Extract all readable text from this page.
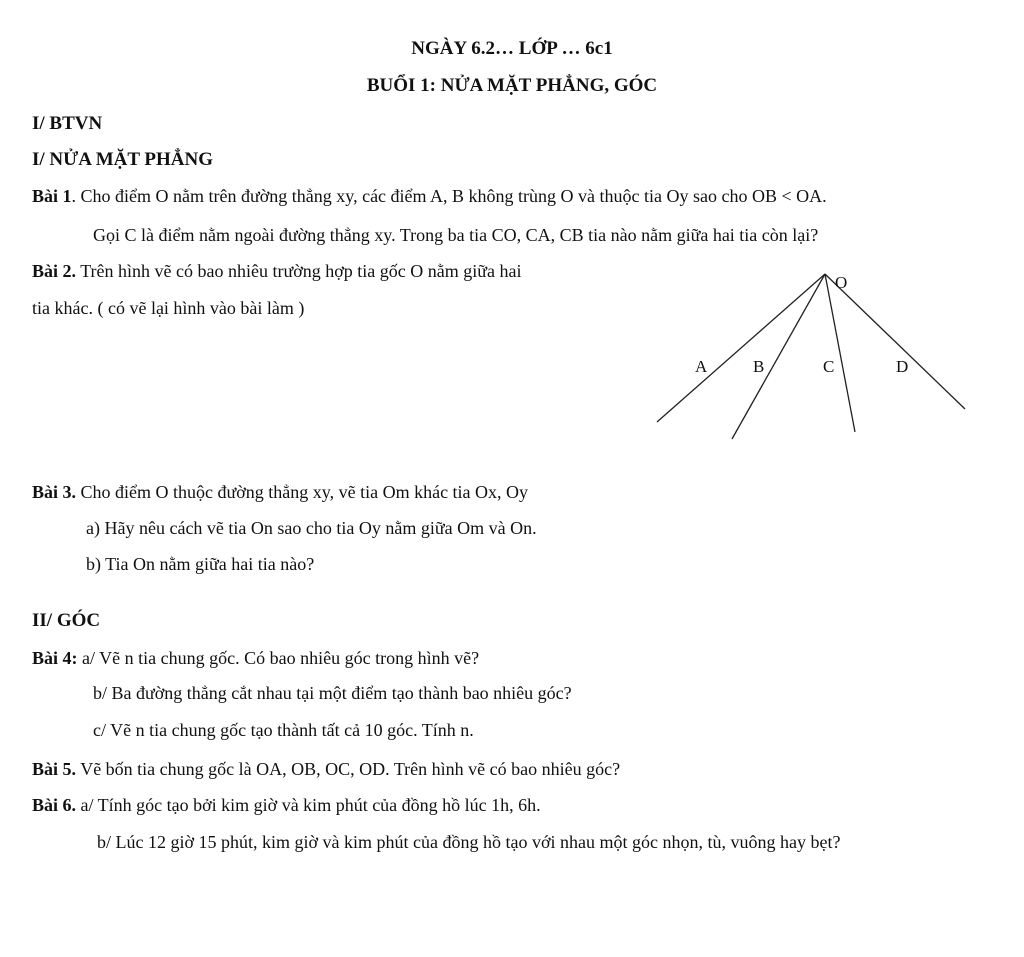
NGÀY 6.2… LỚP … 6c1
BUỔI 1: NỬA MẶT PHẲNG, GÓC
I/ BTVN
I/ NỬA MẶT PHẲNG
Bài 1. Cho điểm O nằm trên đường thẳng xy, các điểm A, B không trùng O và thuộc tia Oy sao cho OB < OA.
Gọi C là điểm nằm ngoài đường thẳng xy. Trong ba tia CO, CA, CB tia nào nằm giữa hai tia còn lại?
Bài 2. Trên hình vẽ có bao nhiêu trường hợp tia gốc O nằm giữa hai
tia khác. ( có vẽ lại hình vào bài làm )
O
A	B	C	D
Bài 3. Cho điểm O thuộc đường thẳng xy, vẽ tia Om khác tia Ox, Oy
a) Hãy nêu cách vẽ tia On sao cho tia Oy nằm giữa Om và On.
b) Tia On nằm giữa hai tia nào?
II/ GÓC
Bài 4: a/ Vẽ n tia chung gốc. Có bao nhiêu góc trong hình vẽ?
b/ Ba đường thẳng cắt nhau tại một điểm tạo thành bao nhiêu góc?
c/ Vẽ n tia chung gốc tạo thành tất cả 10 góc. Tính n.
Bài 5. Vẽ bốn tia chung gốc là OA, OB, OC, OD. Trên hình vẽ có bao nhiêu góc?
Bài 6. a/ Tính góc tạo bởi kim giờ và kim phút của đồng hồ lúc 1h, 6h.
b/ Lúc 12 giờ 15 phút, kim giờ và kim phút của đồng hồ tạo với nhau một góc nhọn, tù, vuông hay bẹt?
